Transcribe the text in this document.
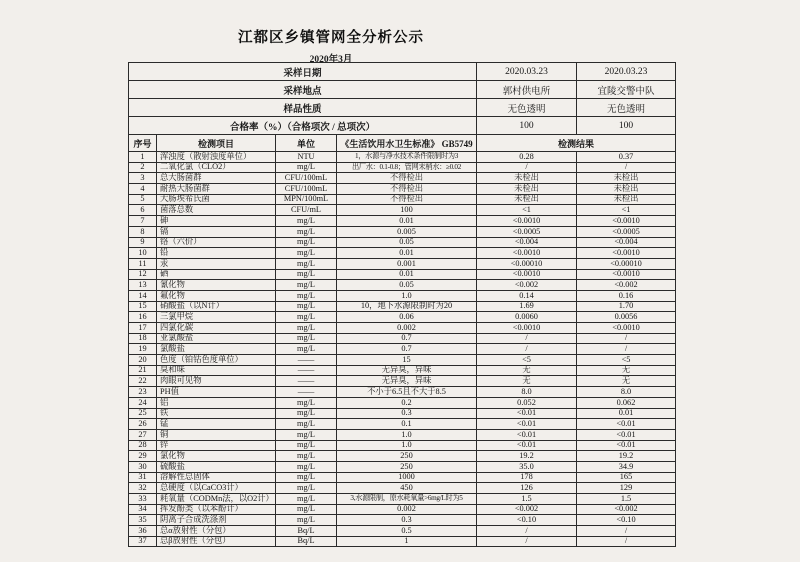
江都区乡镇管网全分析公示
2020年3月
采样日期				2020.03.23	2020.03.23
采样地点				郭村供电所	宜陵交警中队
样品性质				无色透明	无色透明
合格率（%）（合格项次 / 总项次）				100	100
序号	检测项目	单位	《生活饮用水卫生标准》 GB5749	检测结果	
1	浑浊度（散射浊度单位）	NTU	1，水源与净水技术条件限制时为3	0.28	0.37
2	二氧化氯（CLO2）	mg/L	出厂水：0.1-0.8；管网末梢水：≥0.02	/	/
3	总大肠菌群	CFU/100mL	不得检出	未检出	未检出
4	耐热大肠菌群	CFU/100mL	不得检出	未检出	未检出
5	大肠埃希氏菌	MPN/100mL	不得检出	未检出	未检出
6	菌落总数	CFU/mL	100	<1	<1
7	砷	mg/L	0.01	<0.0010	<0.0010
8	镉	mg/L	0.005	<0.0005	<0.0005
9	铬（六价）	mg/L	0.05	<0.004	<0.004
10	铅	mg/L	0.01	<0.0010	<0.0010
11	汞	mg/L	0.001	<0.00010	<0.00010
12	硒	mg/L	0.01	<0.0010	<0.0010
13	氰化物	mg/L	0.05	<0.002	<0.002
14	氟化物	mg/L	1.0	0.14	0.16
15	硝酸盐（以N计）	mg/L	10，地下水源限制时为20	1.69	1.70
16	三氯甲烷	mg/L	0.06	0.0060	0.0056
17	四氯化碳	mg/L	0.002	<0.0010	<0.0010
18	亚氯酸盐	mg/L	0.7	/	/
19	氯酸盐	mg/L	0.7	/	/
20	色度（铂钴色度单位）	——	15	<5	<5
21	臭和味	——	无异臭，异味	无	无
22	肉眼可见物	——	无异臭，异味	无	无
23	PH值	——	不小于6.5且不大于8.5	8.0	8.0
24	铝	mg/L	0.2	0.052	0.062
25	铁	mg/L	0.3	<0.01	0.01
26	锰	mg/L	0.1	<0.01	<0.01
27	铜	mg/L	1.0	<0.01	<0.01
28	锌	mg/L	1.0	<0.01	<0.01
29	氯化物	mg/L	250	19.2	19.2
30	硫酸盐	mg/L	250	35.0	34.9
31	溶解性总固体	mg/L	1000	178	165
32	总硬度（以CaCO3计）	mg/L	450	126	129
33	耗氧量（CODMn法，以O2计）	mg/L	3,水源限制，原水耗氧量>6mg/L时为5	1.5	1.5
34	挥发酚类（以苯酚计）	mg/L	0.002	<0.002	<0.002
35	阴离子合成洗涤剂	mg/L	0.3	<0.10	<0.10
36	总α放射性（分包）	Bq/L	0.5	/	/
37	总β放射性（分包）	Bq/L	1	/	/
